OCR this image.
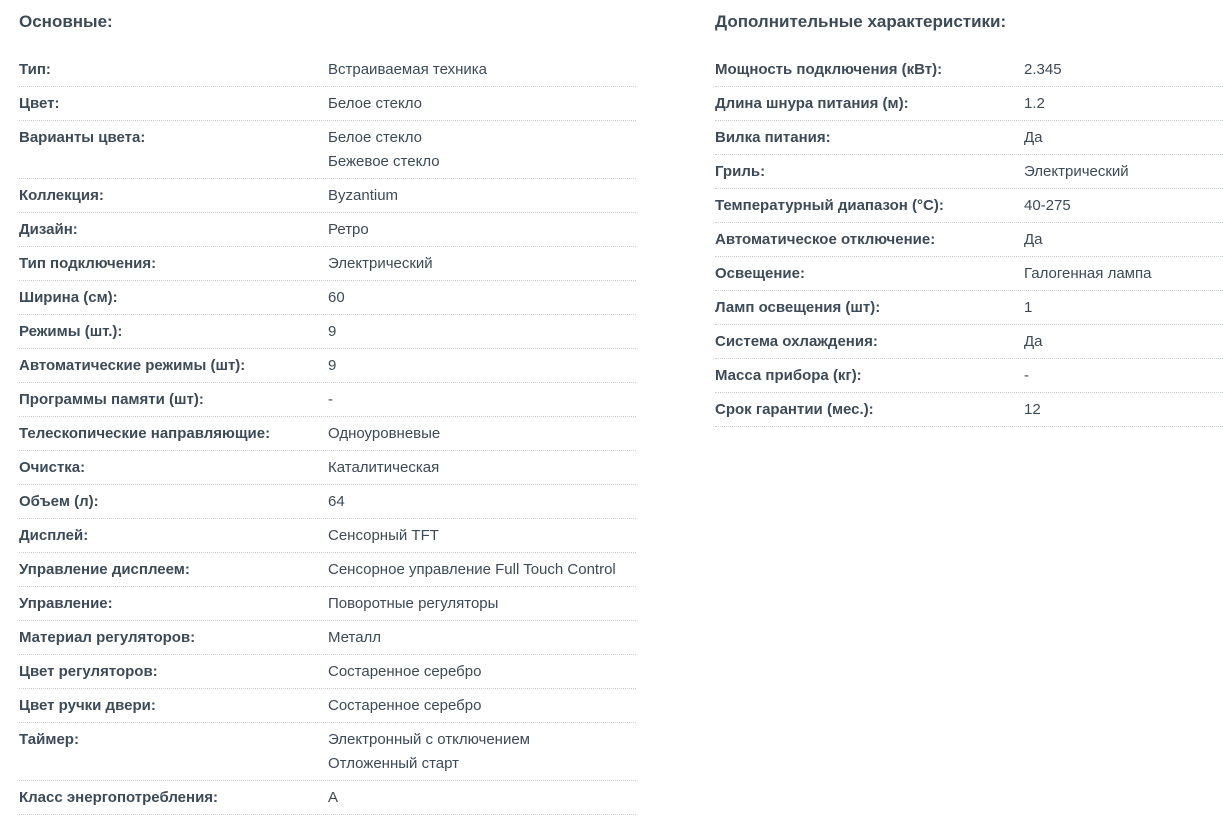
Основные:
Тип:	Встраиваемая техника
Цвет:	Белое стекло
Варианты цвета:	Белое стекло
Бежевое стекло
Коллекция:	Byzantium
Дизайн:	Ретро
Тип подключения:	Электрический
Ширина (см):	60
Режимы (шт.):	9
Автоматические режимы (шт):	9
Программы памяти (шт):	-
Телескопические направляющие:	Одноуровневые
Очистка:	Каталитическая
Объем (л):	64
Дисплей:	Сенсорный TFT
Управление дисплеем:	Сенсорное управление Full Touch Control
Управление:	Поворотные регуляторы
Материал регуляторов:	Металл
Цвет регуляторов:	Состаренное серебро
Цвет ручки двери:	Состаренное серебро
Таймер:	Электронный с отключением
Отложенный старт
Класс энергопотребления:	A
Дополнительные характеристики:
Мощность подключения (кВт):	2.345
Длина шнура питания (м):	1.2
Вилка питания:	Да
Гриль:	Электрический
Температурный диапазон (°C):	40-275
Автоматическое отключение:	Да
Освещение:	Галогенная лампа
Ламп освещения (шт):	1
Система охлаждения:	Да
Масса прибора (кг):	-
Срок гарантии (мес.):	12
